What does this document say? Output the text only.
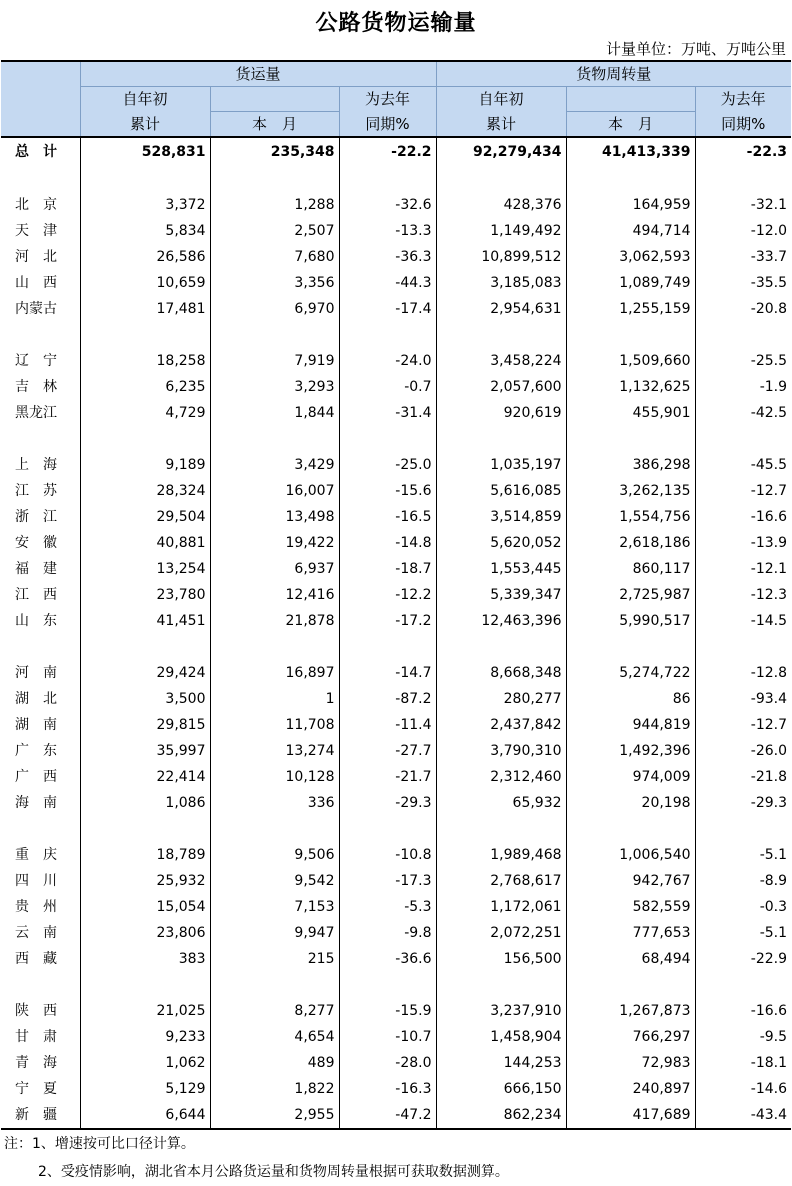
公路货物运输量
计量单位：万吨、万吨公里
	货运量			货物周转量		
	自年初		为去年	自年初		为去年
	累计	本　月	同期%	累计	本　月	同期%
总　计	528,831	235,348	-22.2	92,279,434	41,413,339	-22.3

北　京	3,372	1,288	-32.6	428,376	164,959	-32.1
天　津	5,834	2,507	-13.3	1,149,492	494,714	-12.0
河　北	26,586	7,680	-36.3	10,899,512	3,062,593	-33.7
山　西	10,659	3,356	-44.3	3,185,083	1,089,749	-35.5
内蒙古	17,481	6,970	-17.4	2,954,631	1,255,159	-20.8

辽　宁	18,258	7,919	-24.0	3,458,224	1,509,660	-25.5
吉　林	6,235	3,293	-0.7	2,057,600	1,132,625	-1.9
黑龙江	4,729	1,844	-31.4	920,619	455,901	-42.5

上　海	9,189	3,429	-25.0	1,035,197	386,298	-45.5
江　苏	28,324	16,007	-15.6	5,616,085	3,262,135	-12.7
浙　江	29,504	13,498	-16.5	3,514,859	1,554,756	-16.6
安　徽	40,881	19,422	-14.8	5,620,052	2,618,186	-13.9
福　建	13,254	6,937	-18.7	1,553,445	860,117	-12.1
江　西	23,780	12,416	-12.2	5,339,347	2,725,987	-12.3
山　东	41,451	21,878	-17.2	12,463,396	5,990,517	-14.5

河　南	29,424	16,897	-14.7	8,668,348	5,274,722	-12.8
湖　北	3,500	1	-87.2	280,277	86	-93.4
湖　南	29,815	11,708	-11.4	2,437,842	944,819	-12.7
广　东	35,997	13,274	-27.7	3,790,310	1,492,396	-26.0
广　西	22,414	10,128	-21.7	2,312,460	974,009	-21.8
海　南	1,086	336	-29.3	65,932	20,198	-29.3

重　庆	18,789	9,506	-10.8	1,989,468	1,006,540	-5.1
四　川	25,932	9,542	-17.3	2,768,617	942,767	-8.9
贵　州	15,054	7,153	-5.3	1,172,061	582,559	-0.3
云　南	23,806	9,947	-9.8	2,072,251	777,653	-5.1
西　藏	383	215	-36.6	156,500	68,494	-22.9

陕　西	21,025	8,277	-15.9	3,237,910	1,267,873	-16.6
甘　肃	9,233	4,654	-10.7	1,458,904	766,297	-9.5
青　海	1,062	489	-28.0	144,253	72,983	-18.1
宁　夏	5,129	1,822	-16.3	666,150	240,897	-14.6
新　疆	6,644	2,955	-47.2	862,234	417,689	-43.4
注：1、增速按可比口径计算。
2、受疫情影响，湖北省本月公路货运量和货物周转量根据可获取数据测算。
